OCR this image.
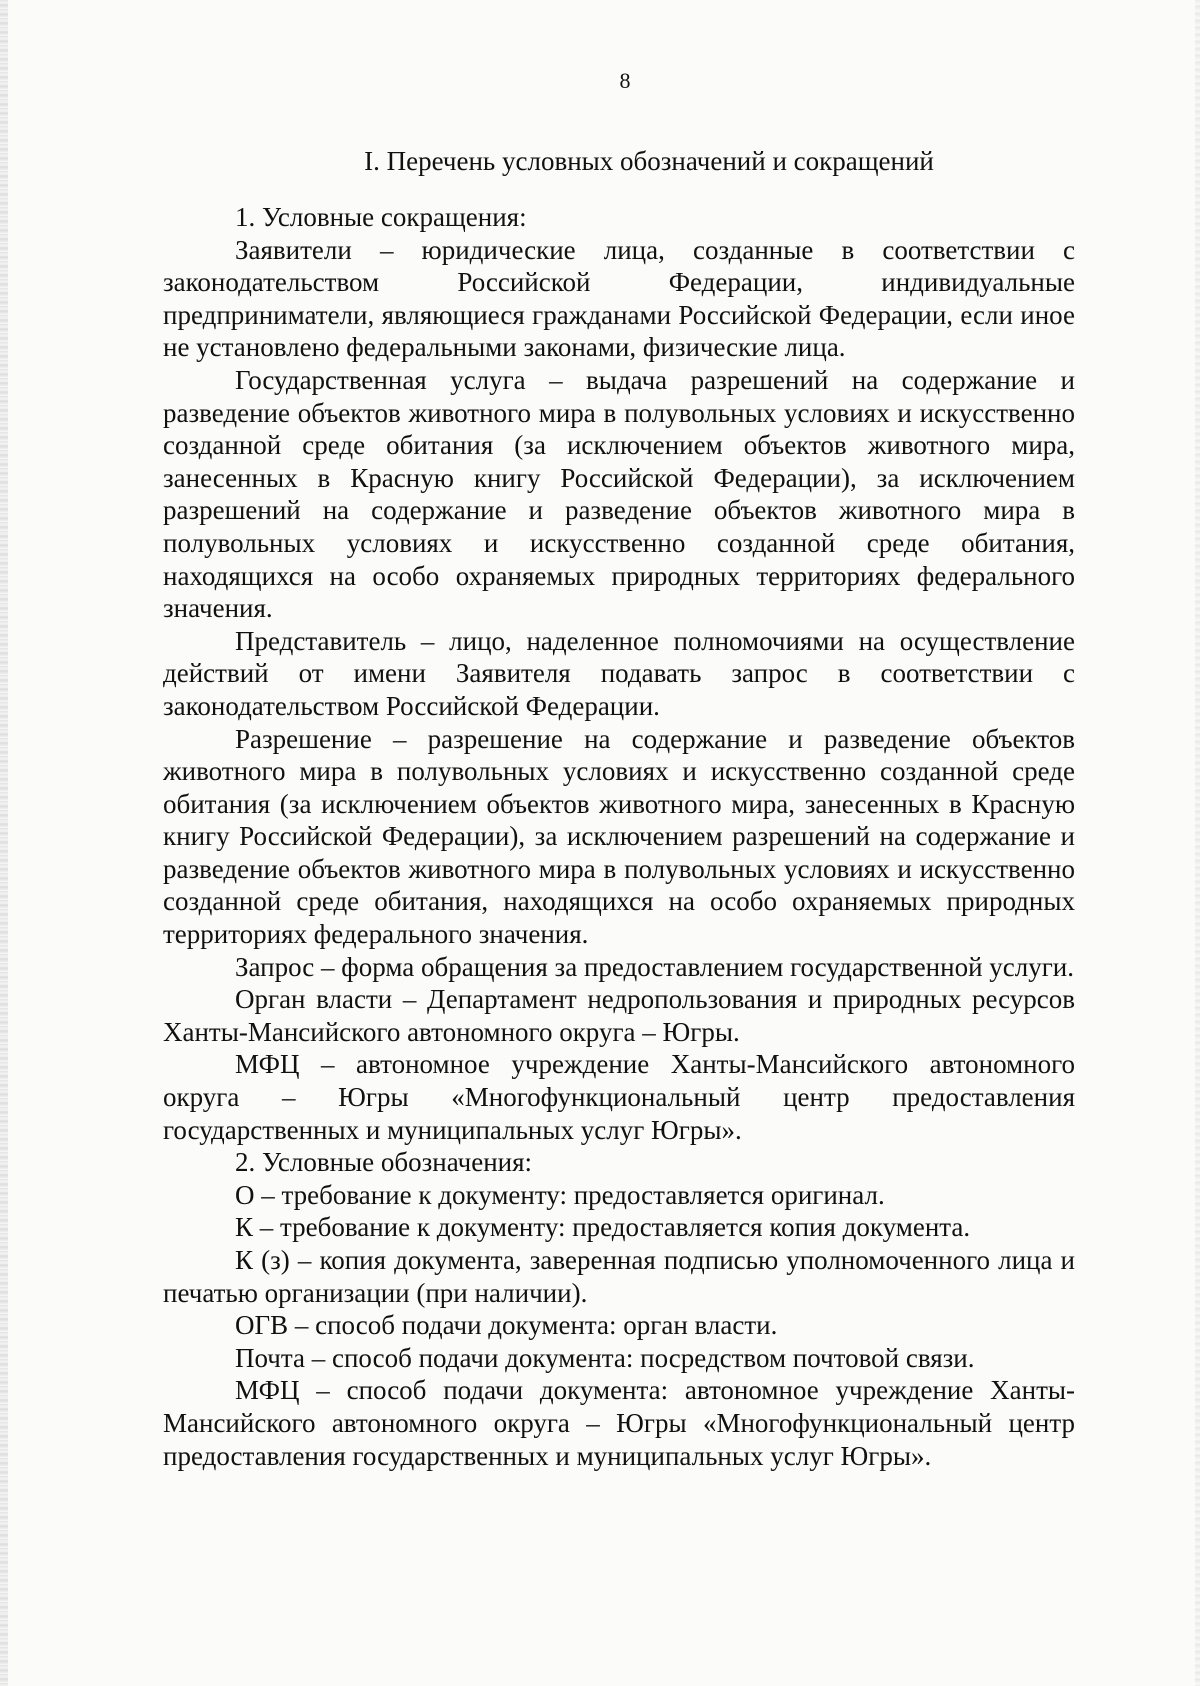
8
I. Перечень условных обозначений и сокращений

1. Условные сокращения:

Заявители – юридические лица, созданные в соответствии с законодательством Российской Федерации, индивидуальные предприниматели, являющиеся гражданами Российской Федерации, если иное не установлено федеральными законами, физические лица.

Государственная услуга – выдача разрешений на содержание и разведение объектов животного мира в полувольных условиях и искусственно созданной среде обитания (за исключением объектов животного мира, занесенных в Красную книгу Российской Федерации), за исключением разрешений на содержание и разведение объектов животного мира в полувольных условиях и искусственно созданной среде обитания, находящихся на особо охраняемых природных территориях федерального значения.

Представитель – лицо, наделенное полномочиями на осуществление действий от имени Заявителя подавать запрос в соответствии с законодательством Российской Федерации.

Разрешение – разрешение на содержание и разведение объектов животного мира в полувольных условиях и искусственно созданной среде обитания (за исключением объектов животного мира, занесенных в Красную книгу Российской Федерации), за исключением разрешений на содержание и разведение объектов животного мира в полувольных условиях и искусственно созданной среде обитания, находящихся на особо охраняемых природных территориях федерального значения.

Запрос – форма обращения за предоставлением государственной услуги.

Орган власти – Департамент недропользования и природных ресурсов Ханты-Мансийского автономного округа – Югры.

МФЦ – автономное учреждение Ханты-Мансийского автономного округа – Югры «Многофункциональный центр предоставления государственных и муниципальных услуг Югры».

2. Условные обозначения:

О – требование к документу: предоставляется оригинал.

К – требование к документу: предоставляется копия документа.

К (з) – копия документа, заверенная подписью уполномоченного лица и печатью организации (при наличии).

ОГВ – способ подачи документа: орган власти.

Почта – способ подачи документа: посредством почтовой связи.

МФЦ – способ подачи документа: автономное учреждение Ханты-Мансийского автономного округа – Югры «Многофункциональный центр предоставления государственных и муниципальных услуг Югры».
